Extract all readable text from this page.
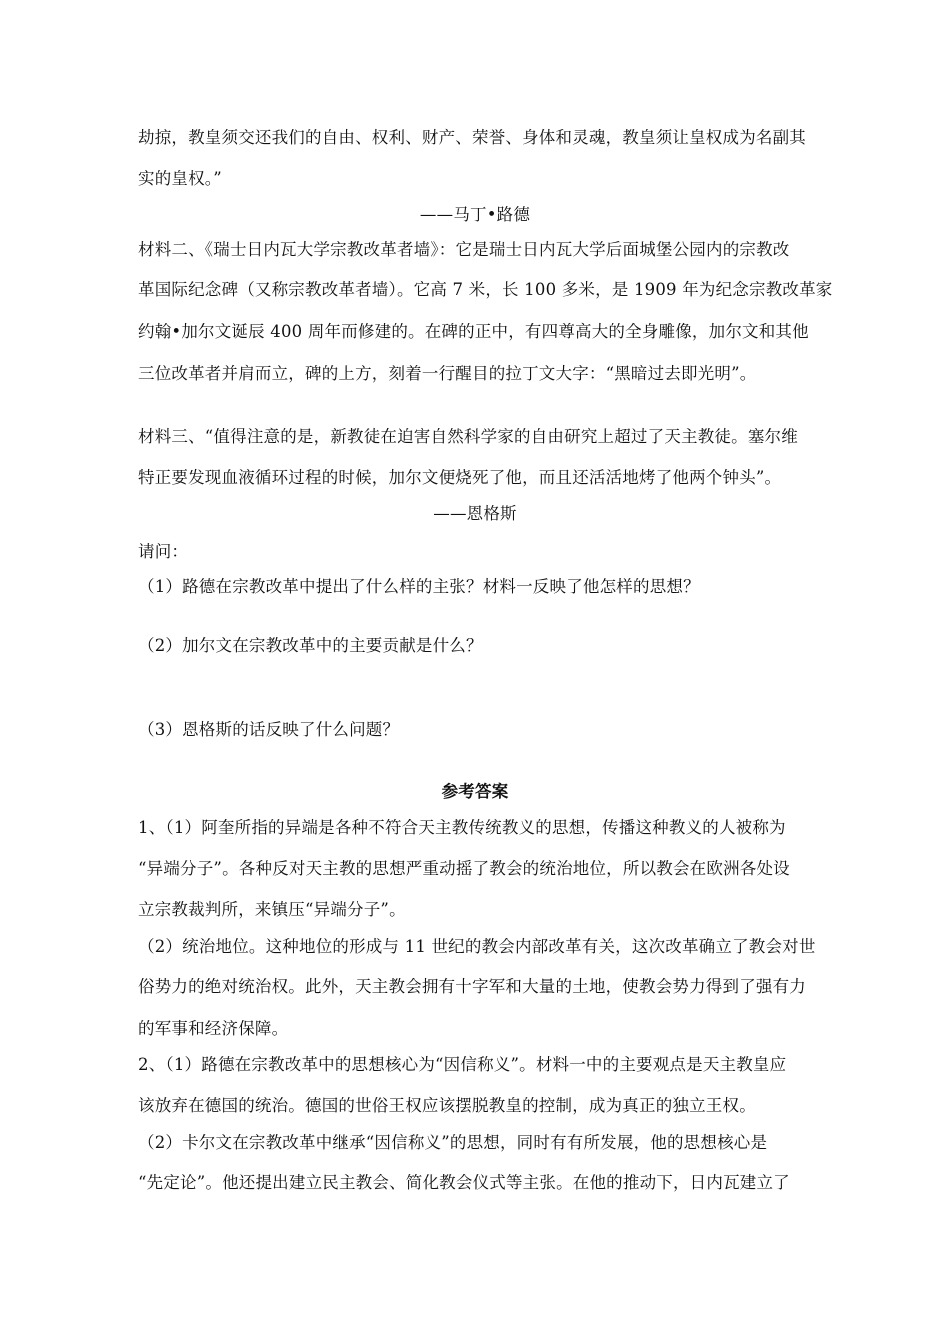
劫掠，教皇须交还我们的自由、权利、财产、荣誉、身体和灵魂，教皇须让皇权成为名副其
实的皇权。”
——马丁•路德
材料二、《瑞士日内瓦大学宗教改革者墙》：它是瑞士日内瓦大学后面城堡公园内的宗教改
革国际纪念碑（又称宗教改革者墙）。它高 7 米，长 100 多米，是 1909 年为纪念宗教改革家
约翰•加尔文诞辰 400 周年而修建的。在碑的正中，有四尊高大的全身雕像，加尔文和其他
三位改革者并肩而立，碑的上方，刻着一行醒目的拉丁文大字：“黑暗过去即光明”。
材料三、“值得注意的是，新教徒在迫害自然科学家的自由研究上超过了天主教徒。塞尔维
特正要发现血液循环过程的时候，加尔文便烧死了他，而且还活活地烤了他两个钟头”。
——恩格斯
请问：
（1）路德在宗教改革中提出了什么样的主张？材料一反映了他怎样的思想？
（2）加尔文在宗教改革中的主要贡献是什么？
（3）恩格斯的话反映了什么问题？
参考答案
1、（1）阿奎所指的异端是各种不符合天主教传统教义的思想，传播这种教义的人被称为
“异端分子”。各种反对天主教的思想严重动摇了教会的统治地位，所以教会在欧洲各处设
立宗教裁判所，来镇压“异端分子”。
（2）统治地位。这种地位的形成与 11 世纪的教会内部改革有关，这次改革确立了教会对世
俗势力的绝对统治权。此外，天主教会拥有十字军和大量的土地，使教会势力得到了强有力
的军事和经济保障。
2、（1）路德在宗教改革中的思想核心为“因信称义”。材料一中的主要观点是天主教皇应
该放弃在德国的统治。德国的世俗王权应该摆脱教皇的控制，成为真正的独立王权。
（2）卡尔文在宗教改革中继承“因信称义”的思想，同时有有所发展，他的思想核心是
“先定论”。他还提出建立民主教会、简化教会仪式等主张。在他的推动下，日内瓦建立了
